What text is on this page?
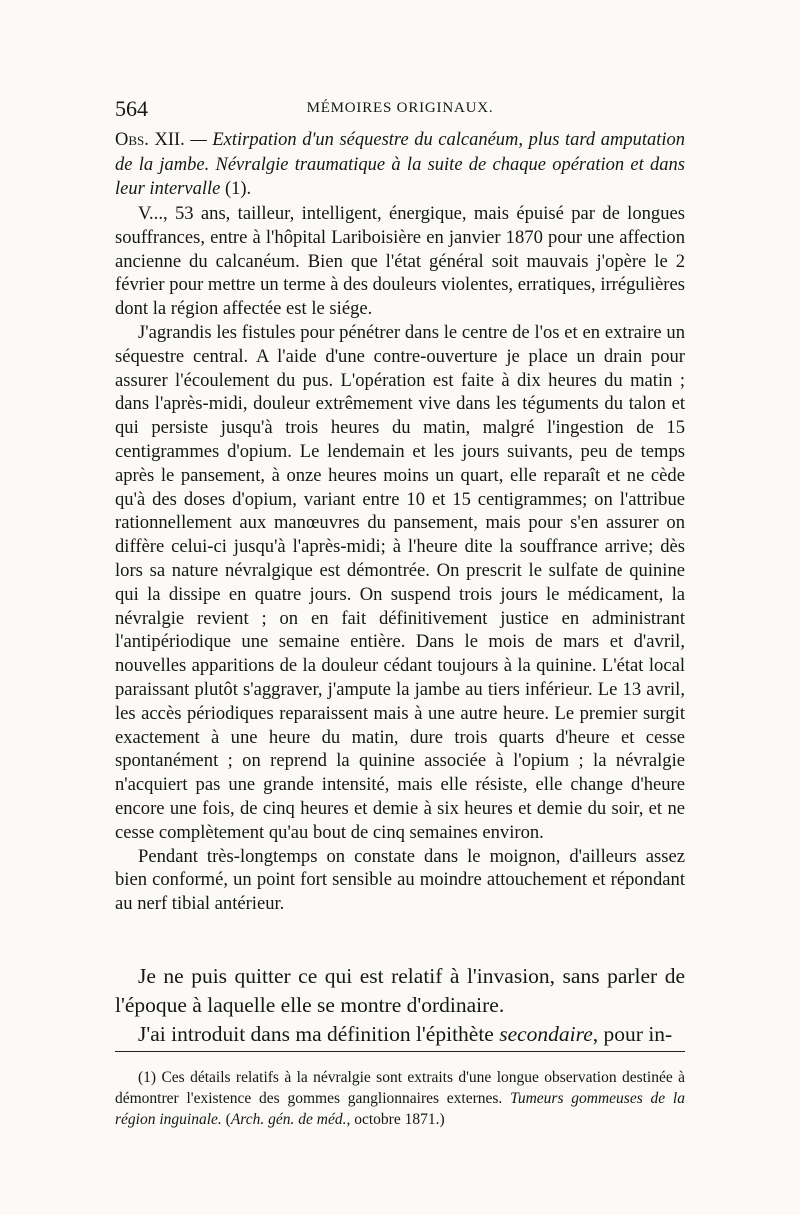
564	MÉMOIRES ORIGINAUX.
Obs. XII. — Extirpation d'un séquestre du calcanéum, plus tard amputation de la jambe. Névralgie traumatique à la suite de chaque opération et dans leur intervalle (1).

V..., 53 ans, tailleur, intelligent, énergique, mais épuisé par de longues souffrances, entre à l'hôpital Lariboisière en janvier 1870 pour une affection ancienne du calcanéum. Bien que l'état général soit mauvais j'opère le 2 février pour mettre un terme à des douleurs violentes, erratiques, irrégulières dont la région affectée est le siége.

J'agrandis les fistules pour pénétrer dans le centre de l'os et en extraire un séquestre central. A l'aide d'une contre-ouverture je place un drain pour assurer l'écoulement du pus. L'opération est faite à dix heures du matin ; dans l'après-midi, douleur extrêmement vive dans les téguments du talon et qui persiste jusqu'à trois heures du matin, malgré l'ingestion de 15 centigrammes d'opium. Le lendemain et les jours suivants, peu de temps après le pansement, à onze heures moins un quart, elle reparaît et ne cède qu'à des doses d'opium, variant entre 10 et 15 centigrammes; on l'attribue rationnellement aux manœuvres du pansement, mais pour s'en assurer on diffère celui-ci jusqu'à l'après-midi; à l'heure dite la souffrance arrive; dès lors sa nature névralgique est démontrée. On prescrit le sulfate de quinine qui la dissipe en quatre jours. On suspend trois jours le médicament, la névralgie revient ; on en fait définitivement justice en administrant l'antipériodique une semaine entière. Dans le mois de mars et d'avril, nouvelles apparitions de la douleur cédant toujours à la quinine. L'état local paraissant plutôt s'aggraver, j'ampute la jambe au tiers inférieur. Le 13 avril, les accès périodiques reparaissent mais à une autre heure. Le premier surgit exactement à une heure du matin, dure trois quarts d'heure et cesse spontanément ; on reprend la quinine associée à l'opium ; la névralgie n'acquiert pas une grande intensité, mais elle résiste, elle change d'heure encore une fois, de cinq heures et demie à six heures et demie du soir, et ne cesse complètement qu'au bout de cinq semaines environ.

Pendant très-longtemps on constate dans le moignon, d'ailleurs assez bien conformé, un point fort sensible au moindre attouchement et répondant au nerf tibial antérieur.

Je ne puis quitter ce qui est relatif à l'invasion, sans parler de l'époque à laquelle elle se montre d'ordinaire.

J'ai introduit dans ma définition l'épithète secondaire, pour in-

(1) Ces détails relatifs à la névralgie sont extraits d'une longue observation destinée à démontrer l'existence des gommes ganglionnaires externes. Tumeurs gommeuses de la région inguinale. (Arch. gén. de méd., octobre 1871.)
